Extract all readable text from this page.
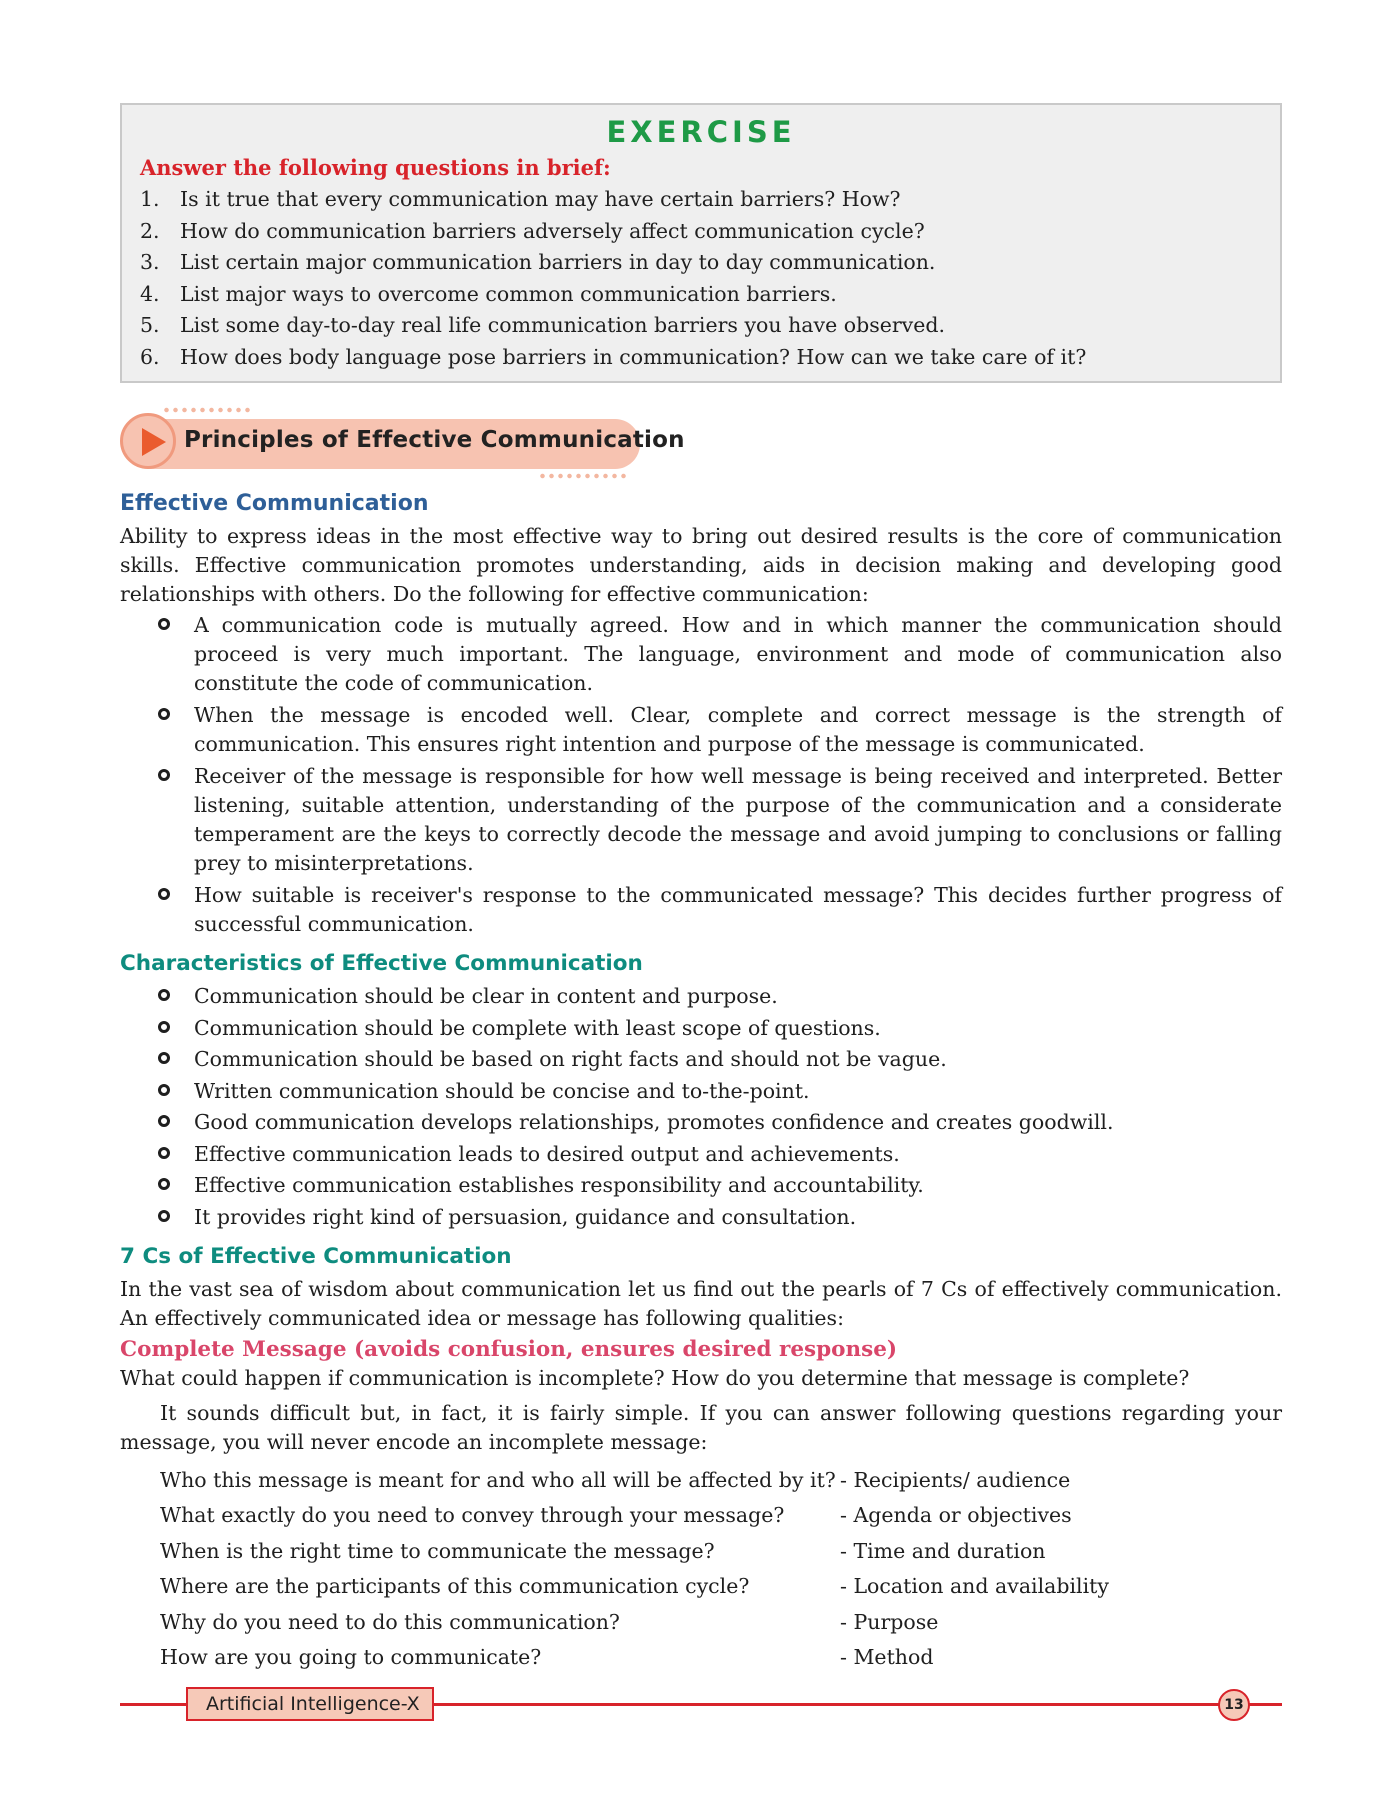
EXERCISE
Answer the following questions in brief:
1. Is it true that every communication may have certain barriers? How?
2. How do communication barriers adversely affect communication cycle?
3. List certain major communication barriers in day to day communication.
4. List major ways to overcome common communication barriers.
5. List some day-to-day real life communication barriers you have observed.
6. How does body language pose barriers in communication? How can we take care of it?
Principles of Effective Communication
Effective Communication

Ability to express ideas in the most effective way to bring out desired results is the core of communication skills. Effective communication promotes understanding, aids in decision making and developing good relationships with others. Do the following for effective communication:

A communication code is mutually agreed. How and in which manner the communication should proceed is very much important. The language, environment and mode of communication also constitute the code of communication.
When the message is encoded well. Clear, complete and correct message is the strength of communication. This ensures right intention and purpose of the message is communicated.
Receiver of the message is responsible for how well message is being received and interpreted. Better listening, suitable attention, understanding of the purpose of the communication and a considerate temperament are the keys to correctly decode the message and avoid jumping to conclusions or falling prey to misinterpretations.
How suitable is receiver's response to the communicated message? This decides further progress of successful communication.
Characteristics of Effective Communication
Communication should be clear in content and purpose.
Communication should be complete with least scope of questions.
Communication should be based on right facts and should not be vague.
Written communication should be concise and to-the-point.
Good communication develops relationships, promotes confidence and creates goodwill.
Effective communication leads to desired output and achievements.
Effective communication establishes responsibility and accountability.
It provides right kind of persuasion, guidance and consultation.
7 Cs of Effective Communication

In the vast sea of wisdom about communication let us find out the pearls of 7 Cs of effectively communication. An effectively communicated idea or message has following qualities:

Complete Message (avoids confusion, ensures desired response)

What could happen if communication is incomplete? How do you determine that message is complete?

It sounds difficult but, in fact, it is fairly simple. If you can answer following questions regarding your message, you will never encode an incomplete message:

Who this message is meant for and who all will be affected by it? - Recipients/ audience
What exactly do you need to convey through your message?	- Agenda or objectives
When is the right time to communicate the message?	- Time and duration
Where are the participants of this communication cycle?	- Location and availability
Why do you need to do this communication?	- Purpose
How are you going to communicate?	- Method
Artificial Intelligence-X	13
